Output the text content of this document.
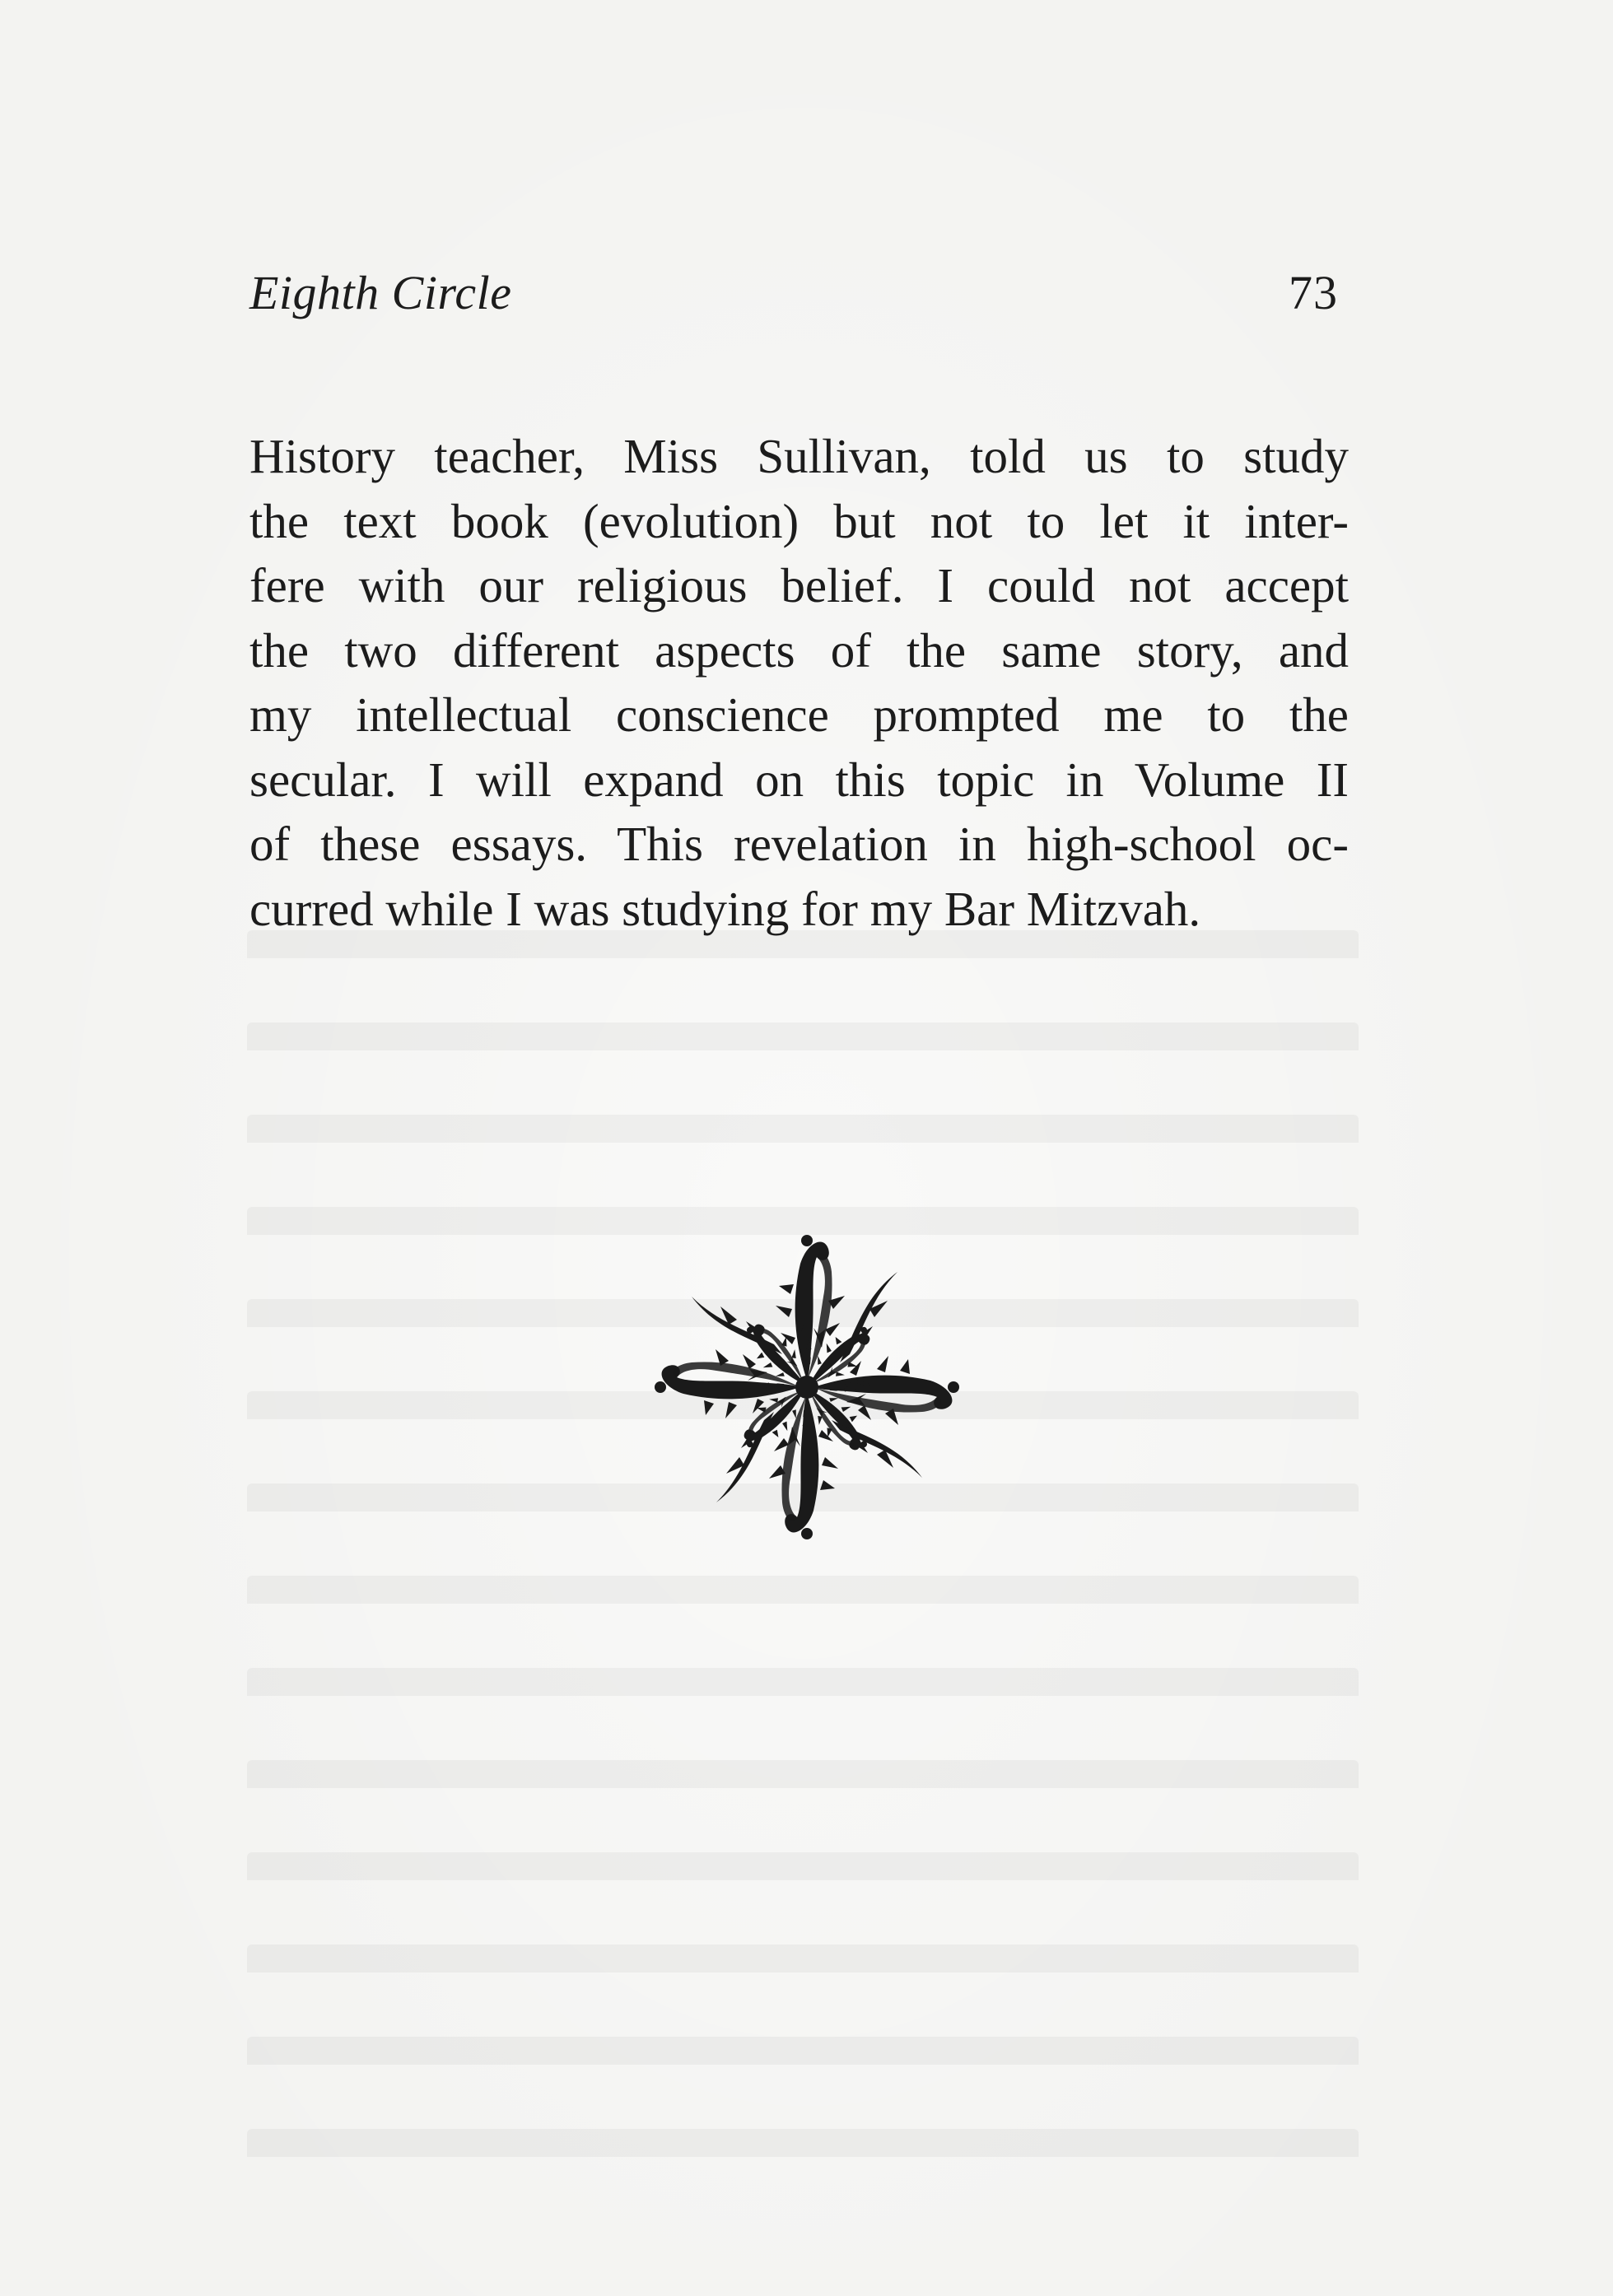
Eighth Circle	73

History teacher, Miss Sullivan, told us to study
the text book (evolution) but not to let it inter-
fere with our religious belief. I could not accept
the two different aspects of the same story, and
my intellectual conscience prompted me to the
secular. I will expand on this topic in Volume II
of these essays. This revelation in high-school oc-
curred while I was studying for my Bar Mitzvah.
